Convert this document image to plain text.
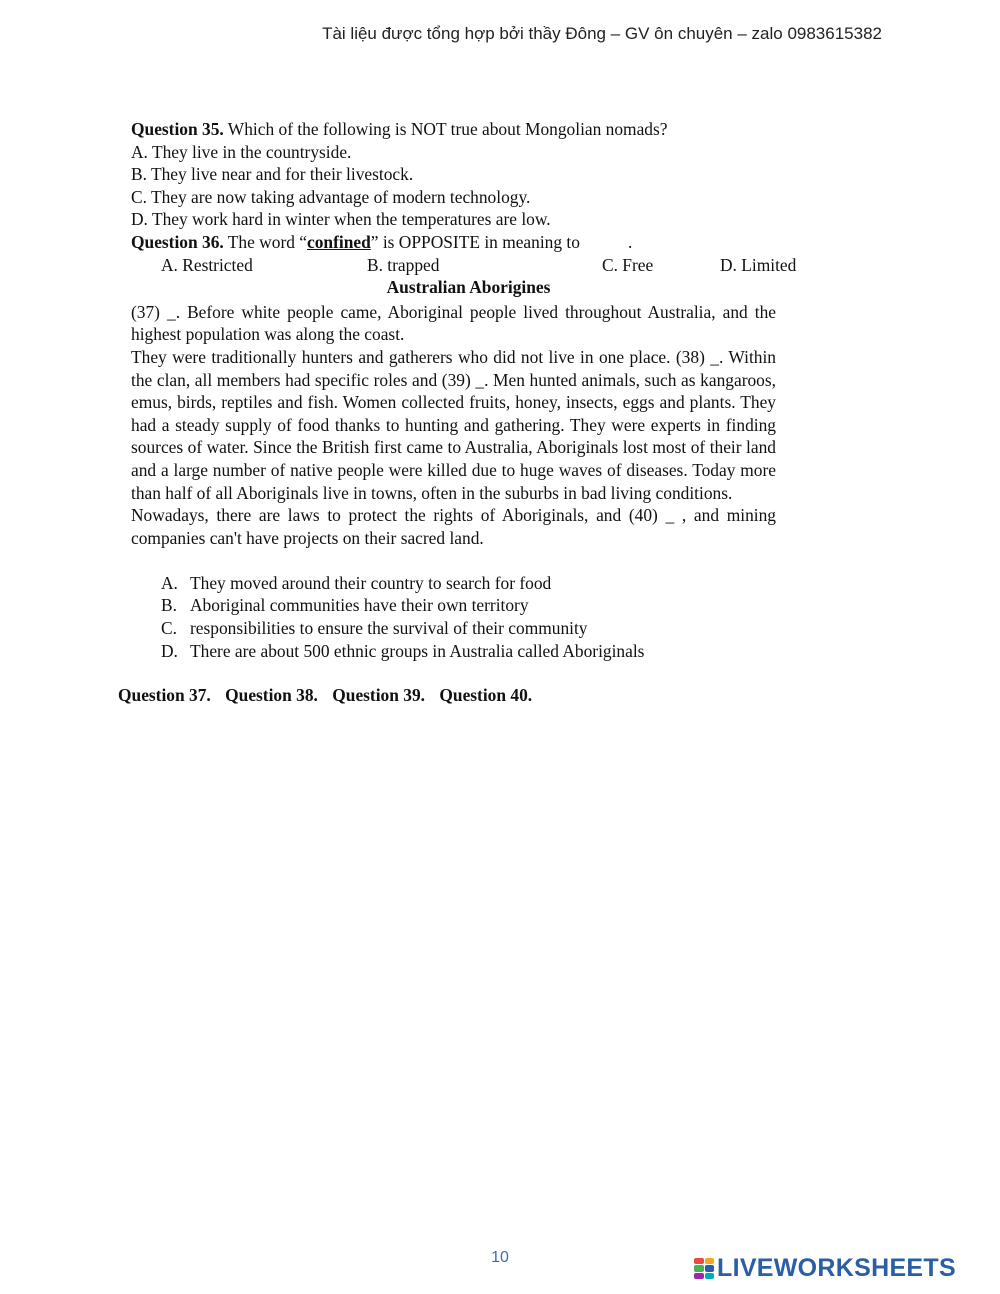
Tài liệu được tổng hợp bởi thầy Đông – GV ôn chuyên – zalo 0983615382

Question 35. Which of the following is NOT true about Mongolian nomads?

A. They live in the countryside.

B. They live near and for their livestock.

C. They are now taking advantage of modern technology.

D. They work hard in winter when the temperatures are low.

Question 36. The word “confined” is OPPOSITE in meaning to	.

A. Restricted	B. trapped	C. Free	D. Limited

Australian Aborigines

(37) _. Before white people came, Aboriginal people lived throughout Australia, and the highest population was along the coast.

They were traditionally hunters and gatherers who did not live in one place. (38) _. Within the clan, all members had specific roles and (39) _. Men hunted animals, such as kangaroos, emus, birds, reptiles and fish. Women collected fruits, honey, insects, eggs and plants. They had a steady supply of food thanks to hunting and gathering. They were experts in finding sources of water. Since the British first came to Australia, Aboriginals lost most of their land and a large number of native people were killed due to huge waves of diseases. Today more than half of all Aboriginals live in towns, often in the suburbs in bad living conditions.

Nowadays, there are laws to protect the rights of Aboriginals, and (40) _ , and mining companies can't have projects on their sacred land.

A. They moved around their country to search for food
B. Aboriginal communities have their own territory
C. responsibilities to ensure the survival of their community
D. There are about 500 ethnic groups in Australia called Aboriginals
Question 37. Question 38. Question 39. Question 40.
10	LIVEWORKSHEETS
